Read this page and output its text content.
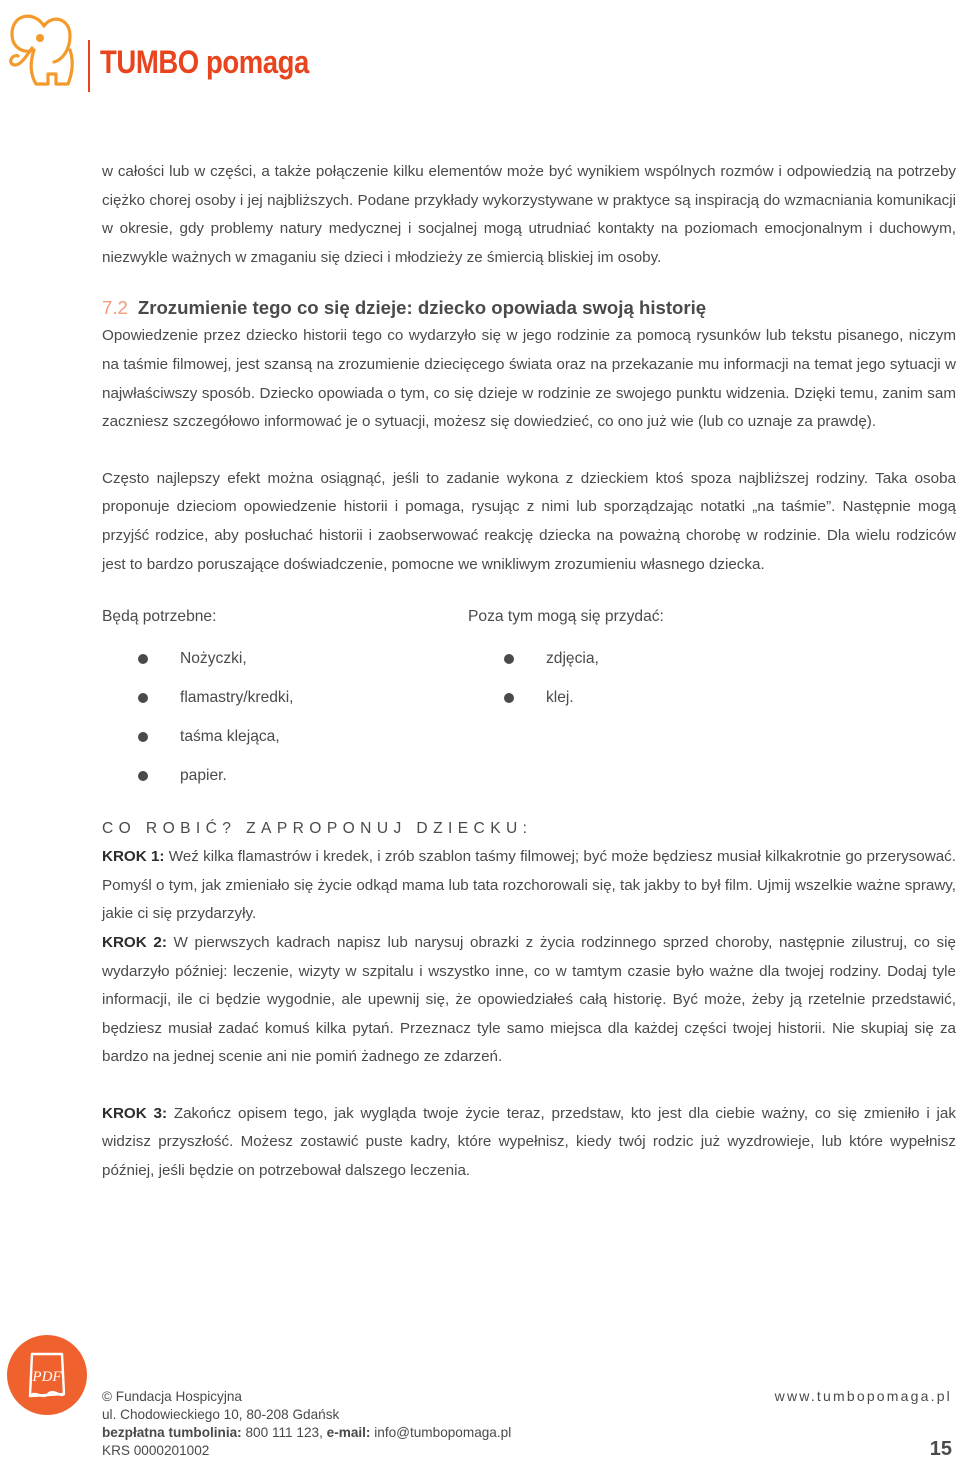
TUMBO pomaga

w całości lub w części, a także połączenie kilku elementów może być wynikiem wspólnych rozmów i odpowiedzią na potrzeby ciężko chorej osoby i jej najbliższych. Podane przykłady wykorzystywane w praktyce są inspiracją do wzmacniania komunikacji w okresie, gdy problemy natury medycznej i socjalnej mogą utrudniać kontakty na poziomach emocjonalnym i duchowym, niezwykle ważnych w zmaganiu się dzieci i młodzieży ze śmiercią bliskiej im osoby.

7.2 Zrozumienie tego co się dzieje: dziecko opowiada swoją historię

Opowiedzenie przez dziecko historii tego co wydarzyło się w jego rodzinie za pomocą rysunków lub tekstu pisanego, niczym na taśmie filmowej, jest szansą na zrozumienie dziecięcego świata oraz na przekazanie mu informacji na temat jego sytuacji w najwłaściwszy sposób. Dziecko opowiada o tym, co się dzieje w rodzinie ze swojego punktu widzenia. Dzięki temu, zanim sam zaczniesz szczegółowo informować je o sytuacji, możesz się dowiedzieć, co ono już wie (lub co uznaje za prawdę).

Często najlepszy efekt można osiągnąć, jeśli to zadanie wykona z dzieckiem ktoś spoza najbliższej rodziny. Taka osoba proponuje dzieciom opowiedzenie historii i pomaga, rysując z nimi lub sporządzając notatki „na taśmie”. Następnie mogą przyjść rodzice, aby posłuchać historii i zaobserwować reakcję dziecka na poważną chorobę w rodzinie. Dla wielu rodziców jest to bardzo poruszające doświadczenie, pomocne we wnikliwym zrozumieniu własnego dziecka.

Będą potrzebne:
Nożyczki,
flamastry/kredki,
taśma klejąca,
papier.
Poza tym mogą się przydać:
zdjęcia,
klej.
CO ROBIĆ? ZAPROPONUJ DZIECKU:

KROK 1: Weź kilka flamastrów i kredek, i zrób szablon taśmy filmowej; być może będziesz musiał kilkakrotnie go przerysować. Pomyśl o tym, jak zmieniało się życie odkąd mama lub tata rozchorowali się, tak jakby to był film. Ujmij wszelkie ważne sprawy, jakie ci się przydarzyły.

KROK 2: W pierwszych kadrach napisz lub narysuj obrazki z życia rodzinnego sprzed choroby, następnie zilustruj, co się wydarzyło później: leczenie, wizyty w szpitalu i wszystko inne, co w tamtym czasie było ważne dla twojej rodziny. Dodaj tyle informacji, ile ci będzie wygodnie, ale upewnij się, że opowiedziałeś całą historię. Być może, żeby ją rzetelnie przedstawić, będziesz musiał zadać komuś kilka pytań. Przeznacz tyle samo miejsca dla każdej części twojej historii. Nie skupiaj się za bardzo na jednej scenie ani nie pomiń żadnego ze zdarzeń.

KROK 3: Zakończ opisem tego, jak wygląda twoje życie teraz, przedstaw, kto jest dla ciebie ważny, co się zmieniło i jak widzisz przyszłość. Możesz zostawić puste kadry, które wypełnisz, kiedy twój rodzic już wyzdrowieje, lub które wypełnisz później, jeśli będzie on potrzebował dalszego leczenia.

PDF
© Fundacja Hospicyjna
ul. Chodowieckiego 10, 80-208 Gdańsk
bezpłatna tumbolinia: 800 111 123, e-mail: info@tumbopomaga.pl
KRS 0000201002
www.tumbopomaga.pl
15
